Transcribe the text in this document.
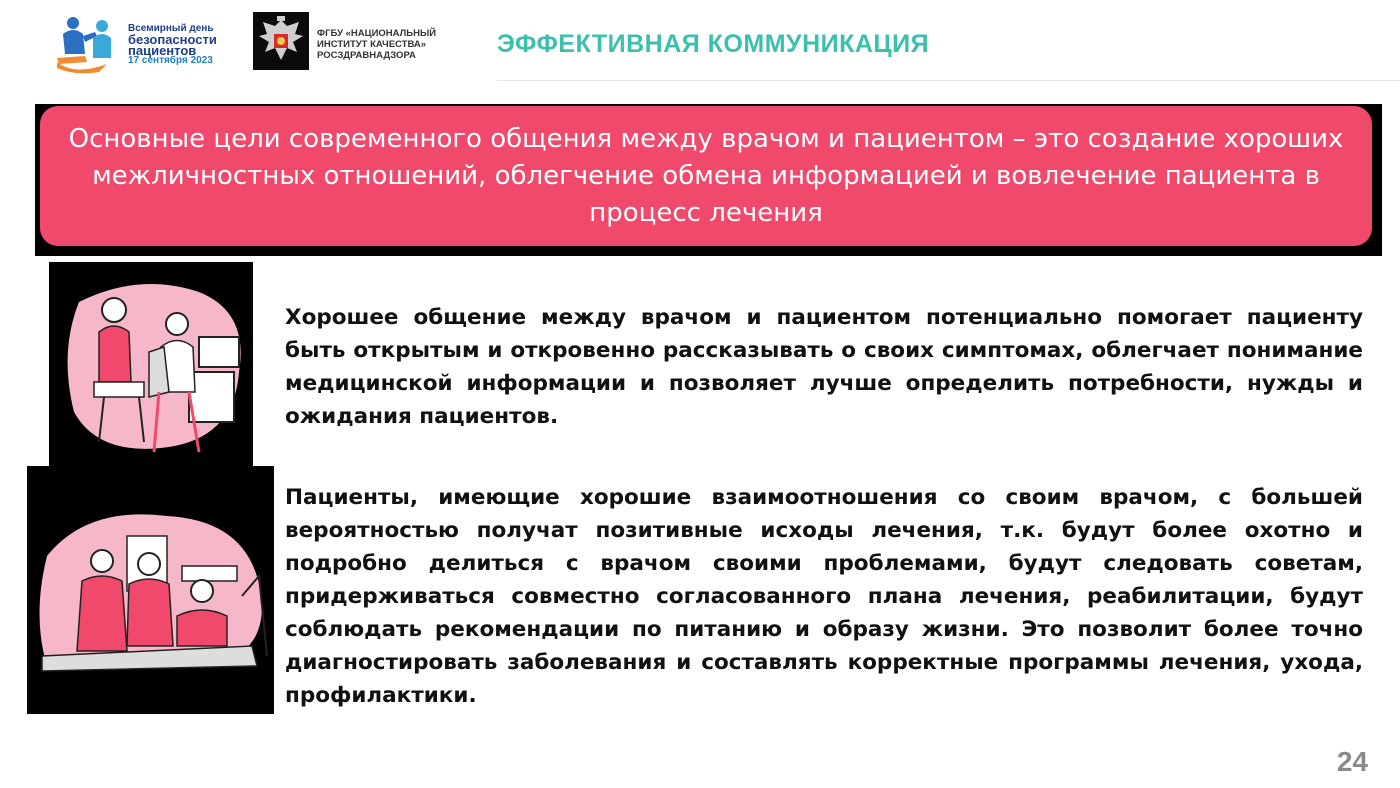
Всемирный день
безопасности
пациентов
17 сентября 2023
ФГБУ «НАЦИОНАЛЬНЫЙ
ИНСТИТУТ КАЧЕСТВА»
РОСЗДРАВНАДЗОРА	ЭФФЕКТИВНАЯ КОММУНИКАЦИЯ
Основные цели современного общения между врачом и пациентом – это создание хороших межличностных отношений, облегчение обмена информацией и вовлечение пациента в процесс лечения
Хорошее общение между врачом и пациентом потенциально помогает пациенту быть открытым и откровенно рассказывать о своих симптомах, облегчает понимание медицинской информации и позволяет лучше определить потребности, нужды и ожидания пациентов.
Пациенты, имеющие хорошие взаимоотношения со своим врачом, с большей вероятностью получат позитивные исходы лечения, т.к. будут более охотно и подробно делиться с врачом своими проблемами, будут следовать советам, придерживаться совместно согласованного плана лечения, реабилитации, будут соблюдать рекомендации по питанию и образу жизни. Это позволит более точно диагностировать заболевания и составлять корректные программы лечения, ухода, профилактики.
24
